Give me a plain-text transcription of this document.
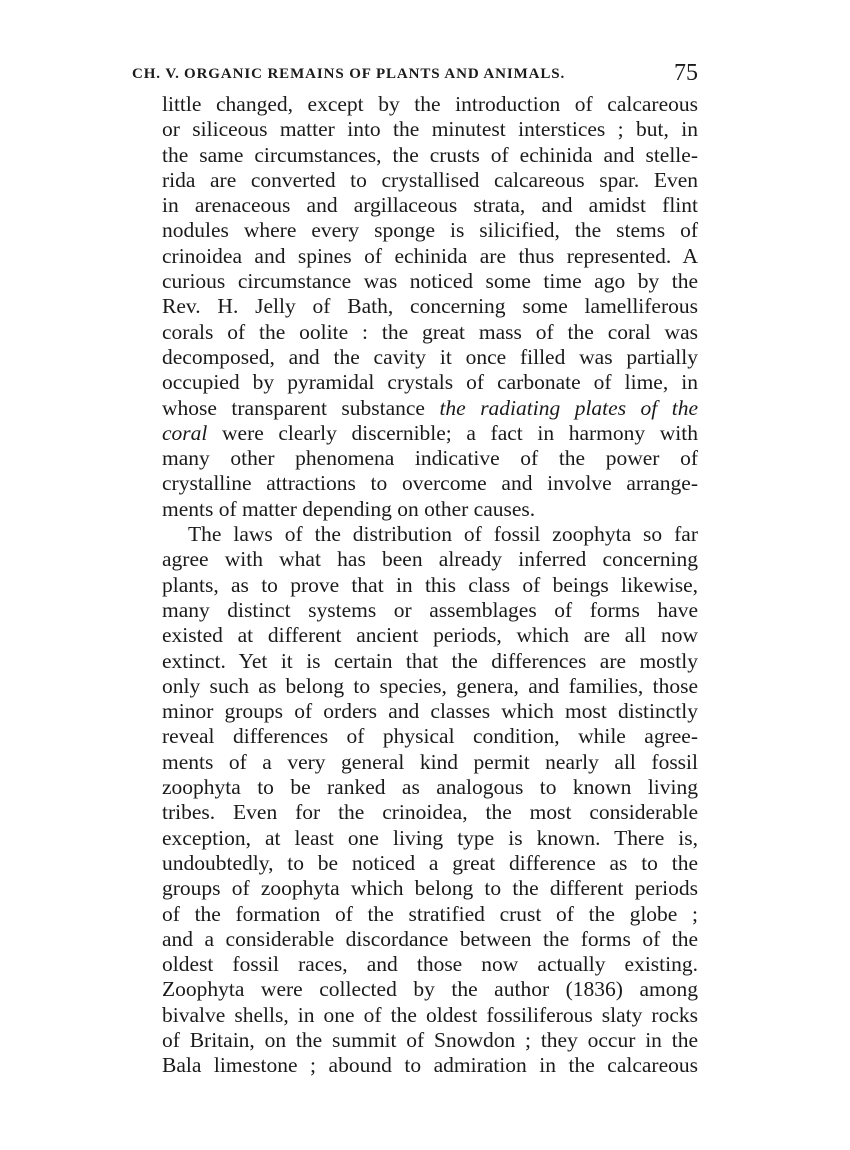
CH. V. ORGANIC REMAINS OF PLANTS AND ANIMALS.	75
little changed, except by the introduction of calcareous
or siliceous matter into the minutest interstices ; but, in
the same circumstances, the crusts of echinida and stelle-
rida are converted to crystallised calcareous spar. Even
in arenaceous and argillaceous strata, and amidst flint
nodules where every sponge is silicified, the stems of
crinoidea and spines of echinida are thus represented. A
curious circumstance was noticed some time ago by the
Rev. H. Jelly of Bath, concerning some lamelliferous
corals of the oolite : the great mass of the coral was
decomposed, and the cavity it once filled was partially
occupied by pyramidal crystals of carbonate of lime, in
whose transparent substance the radiating plates of the
coral were clearly discernible; a fact in harmony with
many other phenomena indicative of the power of
crystalline attractions to overcome and involve arrange-
ments of matter depending on other causes.
The laws of the distribution of fossil zoophyta so far
agree with what has been already inferred concerning
plants, as to prove that in this class of beings likewise,
many distinct systems or assemblages of forms have
existed at different ancient periods, which are all now
extinct. Yet it is certain that the differences are mostly
only such as belong to species, genera, and families, those
minor groups of orders and classes which most distinctly
reveal differences of physical condition, while agree-
ments of a very general kind permit nearly all fossil
zoophyta to be ranked as analogous to known living
tribes. Even for the crinoidea, the most considerable
exception, at least one living type is known. There is,
undoubtedly, to be noticed a great difference as to the
groups of zoophyta which belong to the different periods
of the formation of the stratified crust of the globe ;
and a considerable discordance between the forms of the
oldest fossil races, and those now actually existing.
Zoophyta were collected by the author (1836) among
bivalve shells, in one of the oldest fossiliferous slaty rocks
of Britain, on the summit of Snowdon ; they occur in the
Bala limestone ; abound to admiration in the calcareous
